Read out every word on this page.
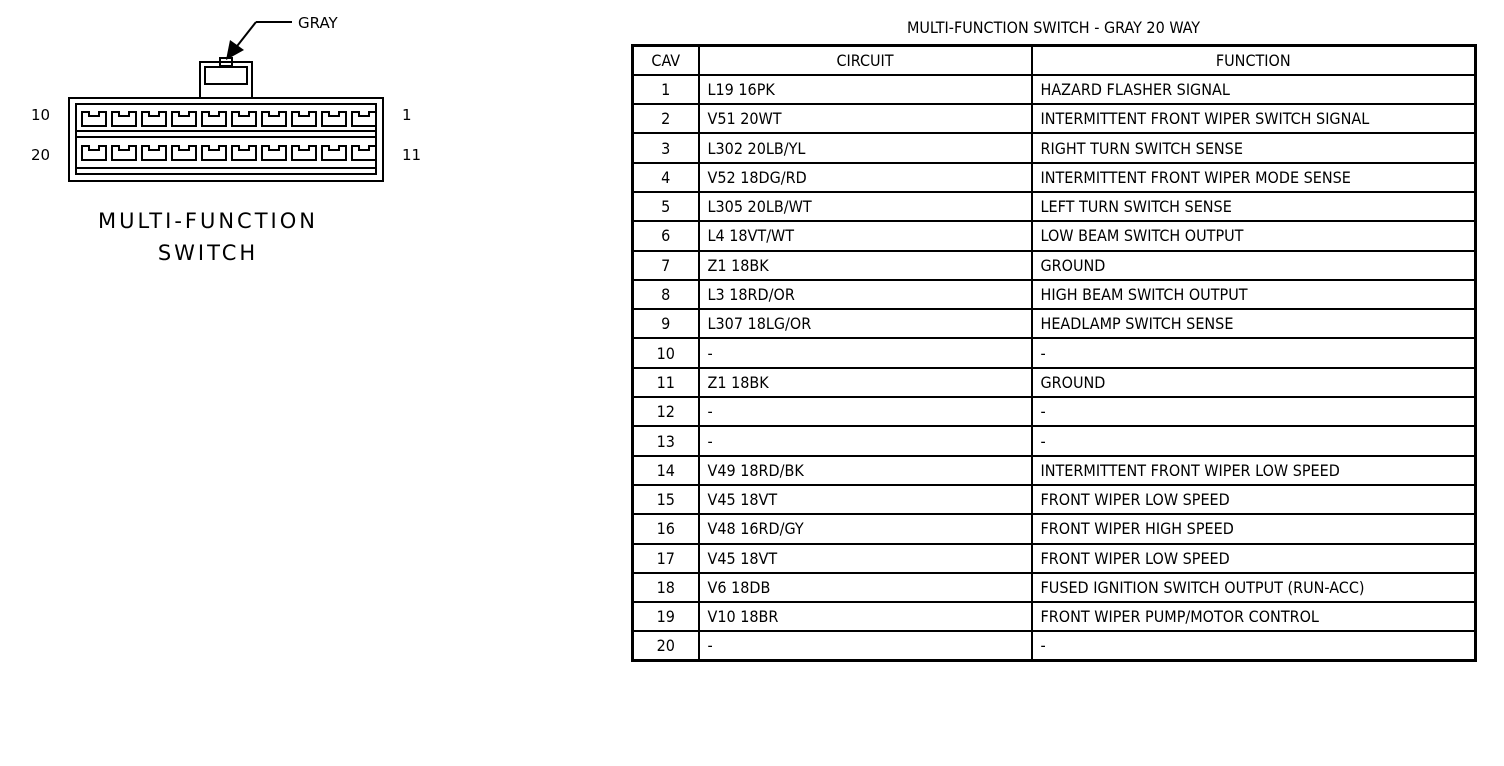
GRAY
10	1
20	11
MULTI-FUNCTION
SWITCH
MULTI-FUNCTION SWITCH - GRAY 20 WAY
CAV	CIRCUIT	FUNCTION
1	L19 16PK	HAZARD FLASHER SIGNAL
2	V51 20WT	INTERMITTENT FRONT WIPER SWITCH SIGNAL
3	L302 20LB/YL	RIGHT TURN SWITCH SENSE
4	V52 18DG/RD	INTERMITTENT FRONT WIPER MODE SENSE
5	L305 20LB/WT	LEFT TURN SWITCH SENSE
6	L4 18VT/WT	LOW BEAM SWITCH OUTPUT
7	Z1 18BK	GROUND
8	L3 18RD/OR	HIGH BEAM SWITCH OUTPUT
9	L307 18LG/OR	HEADLAMP SWITCH SENSE
10	-	-
11	Z1 18BK	GROUND
12	-	-
13	-	-
14	V49 18RD/BK	INTERMITTENT FRONT WIPER LOW SPEED
15	V45 18VT	FRONT WIPER LOW SPEED
16	V48 16RD/GY	FRONT WIPER HIGH SPEED
17	V45 18VT	FRONT WIPER LOW SPEED
18	V6 18DB	FUSED IGNITION SWITCH OUTPUT (RUN-ACC)
19	V10 18BR	FRONT WIPER PUMP/MOTOR CONTROL
20	-	-
